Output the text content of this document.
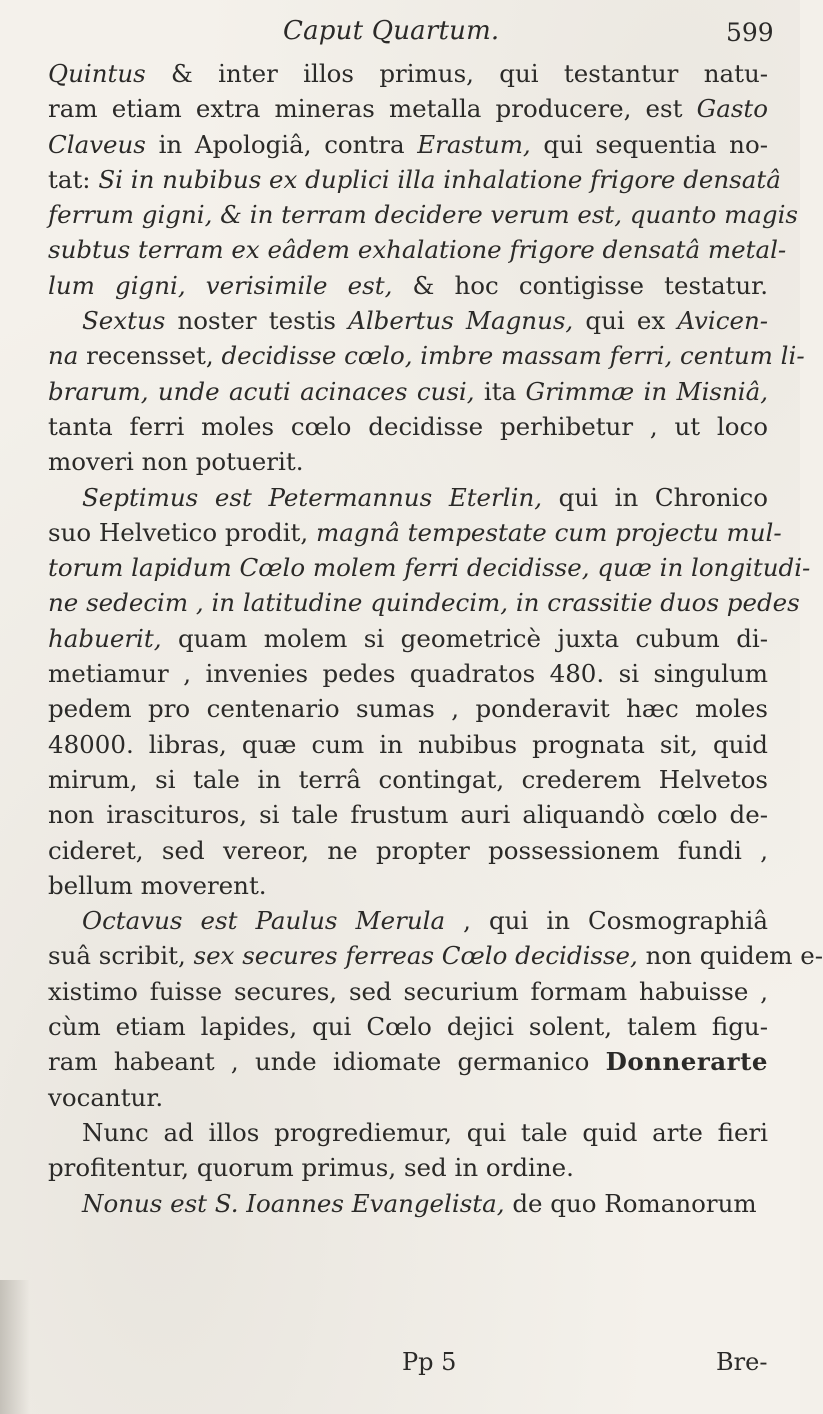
Caput Quartum.	599
Quintus & inter illos primus, qui testantur natu-
ram etiam extra mineras metalla producere, est Gasto
Claveus in Apologiâ, contra Erastum, qui sequentia no-
tat: Si in nubibus ex duplici illa inhalatione frigore densatâ
ferrum gigni, & in terram decidere verum est, quanto magis
subtus terram ex eâdem exhalatione frigore densatâ metal-
lum gigni, verisimile est, & hoc contigisse testatur.
Sextus noster testis Albertus Magnus, qui ex Avicen-
na recensset, decidisse cœlo, imbre massam ferri, centum li-
brarum, unde acuti acinaces cusi, ita Grimmæ in Misniâ,
tanta ferri moles cœlo decidisse perhibetur , ut loco
moveri non potuerit.
Septimus est Petermannus Eterlin, qui in Chronico
suo Helvetico prodit, magnâ tempestate cum projectu mul-
torum lapidum Cœlo molem ferri decidisse, quæ in longitudi-
ne sedecim , in latitudine quindecim, in crassitie duos pedes
habuerit, quam molem si geometricè juxta cubum di-
metiamur , invenies pedes quadratos 480. si singulum
pedem pro centenario sumas , ponderavit hæc moles
48000. libras, quæ cum in nubibus prognata sit, quid
mirum, si tale in terrâ contingat, crederem Helvetos
non irascituros, si tale frustum auri aliquandò cœlo de-
cideret, sed vereor, ne propter possessionem fundi ,
bellum moverent.
Octavus est Paulus Merula , qui in Cosmographiâ
suâ scribit, sex secures ferreas Cœlo decidisse, non quidem e-
xistimo fuisse secures, sed securium formam habuisse ,
cùm etiam lapides, qui Cœlo dejici solent, talem figu-
ram habeant , unde idiomate germanico Donnerarte
vocantur.
Nunc ad illos progrediemur, qui tale quid arte fieri
profitentur, quorum primus, sed in ordine.
Nonus est S. Ioannes Evangelista, de quo Romanorum
Pp 5	Bre-
